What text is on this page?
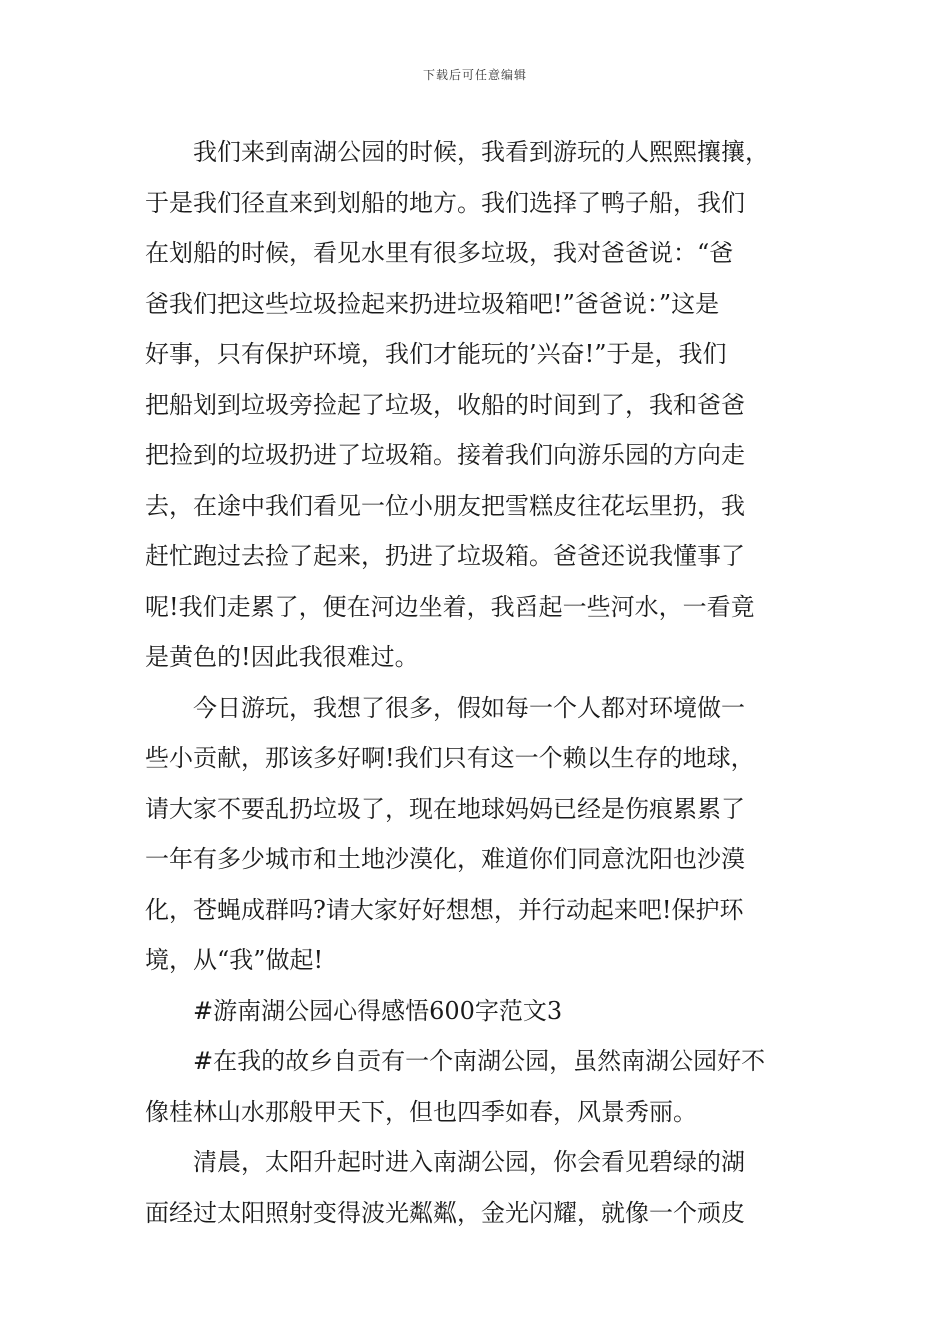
下载后可任意编辑
我们来到南湖公园的时候，我看到游玩的人熙熙攘攘，
于是我们径直来到划船的地方。我们选择了鸭子船，我们
在划船的时候，看见水里有很多垃圾，我对爸爸说：“爸
爸我们把这些垃圾捡起来扔进垃圾箱吧!”爸爸说：”这是
好事，只有保护环境，我们才能玩的’兴奋!”于是，我们
把船划到垃圾旁捡起了垃圾，收船的时间到了，我和爸爸
把捡到的垃圾扔进了垃圾箱。接着我们向游乐园的方向走
去，在途中我们看见一位小朋友把雪糕皮往花坛里扔，我
赶忙跑过去捡了起来，扔进了垃圾箱。爸爸还说我懂事了
呢!我们走累了，便在河边坐着，我舀起一些河水，一看竟
是黄色的!因此我很难过。
今日游玩，我想了很多，假如每一个人都对环境做一
些小贡献，那该多好啊!我们只有这一个赖以生存的地球，
请大家不要乱扔垃圾了，现在地球妈妈已经是伤痕累累了
一年有多少城市和土地沙漠化，难道你们同意沈阳也沙漠
化，苍蝇成群吗?请大家好好想想，并行动起来吧!保护环
境，从“我”做起!
#游南湖公园心得感悟600字范文3
#在我的故乡自贡有一个南湖公园，虽然南湖公园好不
像桂林山水那般甲天下，但也四季如春，风景秀丽。
清晨，太阳升起时进入南湖公园，你会看见碧绿的湖
面经过太阳照射变得波光粼粼，金光闪耀，就像一个顽皮
